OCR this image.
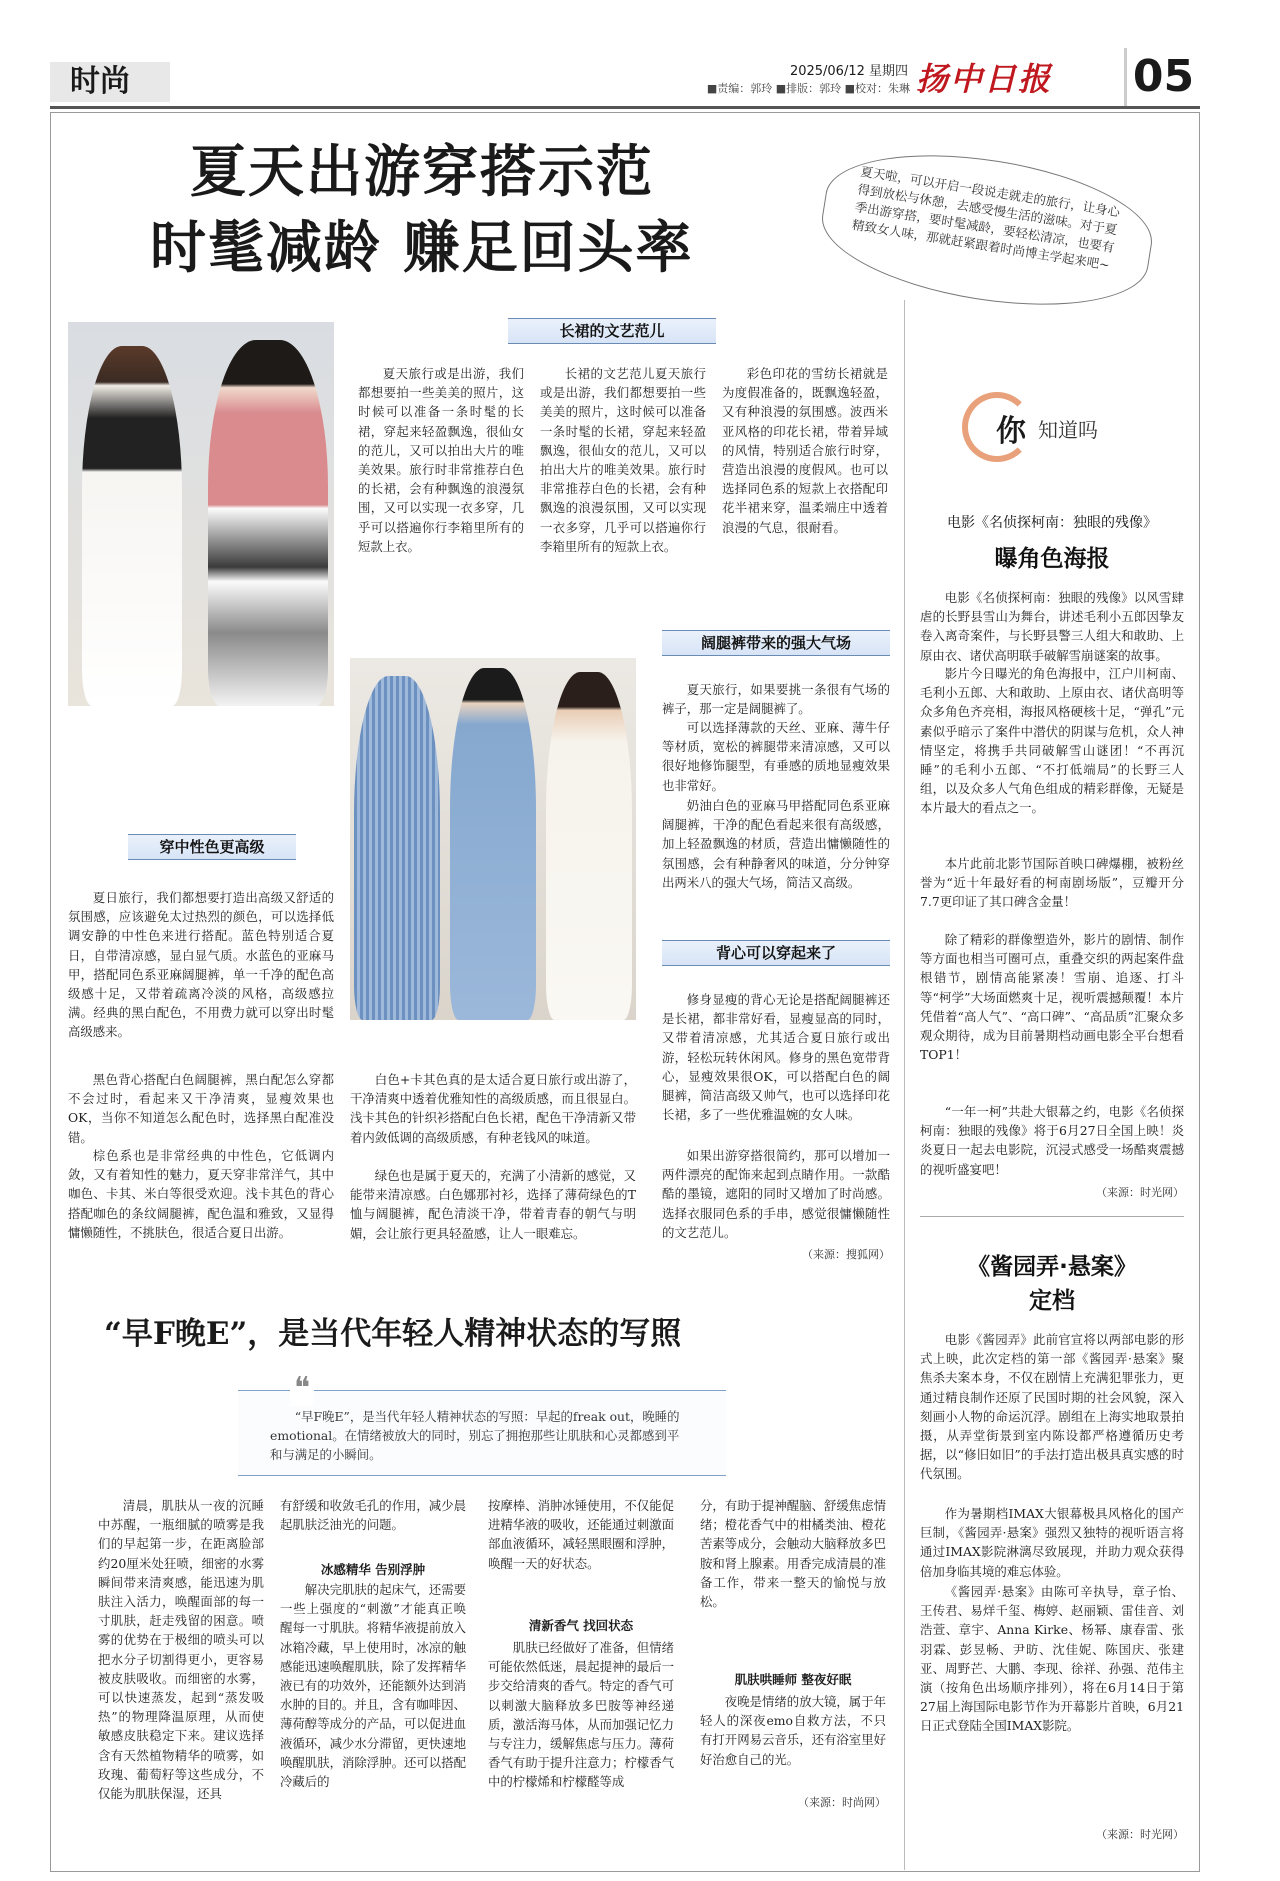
时尚	2025/06/12 星期四
■责编：郭玲 ■排版：郭玲 ■校对：朱琳 扬中日报	05
夏天出游穿搭示范
时髦减龄 赚足回头率
夏天啦，可以开启一段说走就走的旅行，让身心得到放松与休憩，去感受慢生活的滋味。对于夏季出游穿搭，要时髦减龄，要轻松清凉，也要有精致女人味，那就赶紧跟着时尚博主学起来吧~
长裙的文艺范儿
夏天旅行或是出游，我们都想要拍一些美美的照片，这时候可以准备一条时髦的长裙，穿起来轻盈飘逸，很仙女的范儿，又可以拍出大片的唯美效果。旅行时非常推荐白色的长裙，会有种飘逸的浪漫氛围，又可以实现一衣多穿，几乎可以搭遍你行李箱里所有的短款上衣。
长裙的文艺范儿夏天旅行或是出游，我们都想要拍一些美美的照片，这时候可以准备一条时髦的长裙，穿起来轻盈飘逸，很仙女的范儿，又可以拍出大片的唯美效果。旅行时非常推荐白色的长裙，会有种飘逸的浪漫氛围，又可以实现一衣多穿，几乎可以搭遍你行李箱里所有的短款上衣。
彩色印花的雪纺长裙就是为度假准备的，既飘逸轻盈，又有种浪漫的氛围感。波西米亚风格的印花长裙，带着异域的风情，特别适合旅行时穿，营造出浪漫的度假风。也可以选择同色系的短款上衣搭配印花半裙来穿，温柔端庄中透着浪漫的气息，很耐看。
穿中性色更高级
夏日旅行，我们都想要打造出高级又舒适的氛围感，应该避免太过热烈的颜色，可以选择低调安静的中性色来进行搭配。蓝色特别适合夏日，自带清凉感，显白显气质。水蓝色的亚麻马甲，搭配同色系亚麻阔腿裤，单一千净的配色高级感十足，又带着疏离冷淡的风格，高级感拉满。经典的黑白配色，不用费力就可以穿出时髦高级感来。
黑色背心搭配白色阔腿裤，黑白配怎么穿都不会过时，看起来又干净清爽，显瘦效果也OK，当你不知道怎么配色时，选择黑白配准没错。
棕色系也是非常经典的中性色，它低调内敛，又有着知性的魅力，夏天穿非常洋气，其中咖色、卡其、米白等很受欢迎。浅卡其色的背心搭配咖色的条纹阔腿裤，配色温和雅致，又显得慵懒随性，不挑肤色，很适合夏日出游。
白色+卡其色真的是太适合夏日旅行或出游了，干净清爽中透着优雅知性的高级质感，而且很显白。浅卡其色的针织衫搭配白色长裙，配色干净清新又带着内敛低调的高级质感，有种老钱风的味道。
绿色也是属于夏天的，充满了小清新的感觉，又能带来清凉感。白色娜那衬衫，选择了薄荷绿色的T恤与阔腿裤，配色清淡干净，带着青春的朝气与明媚，会让旅行更具轻盈感，让人一眼难忘。
阔腿裤带来的强大气场
夏天旅行，如果要挑一条很有气场的裤子，那一定是阔腿裤了。
可以选择薄款的天丝、亚麻、薄牛仔等材质，宽松的裤腿带来清凉感，又可以很好地修饰腿型，有垂感的质地显瘦效果也非常好。
奶油白色的亚麻马甲搭配同色系亚麻阔腿裤，干净的配色看起来很有高级感，加上轻盈飘逸的材质，营造出慵懒随性的氛围感，会有种静奢风的味道，分分钟穿出两米八的强大气场，简洁又高级。
背心可以穿起来了
修身显瘦的背心无论是搭配阔腿裤还是长裙，都非常好看，显瘦显高的同时，又带着清凉感，尤其适合夏日旅行或出游，轻松玩转休闲风。修身的黑色宽带背心，显瘦效果很OK，可以搭配白色的阔腿裤，简洁高级又帅气，也可以选择印花长裙，多了一些优雅温婉的女人味。
如果出游穿搭很简约，那可以增加一两件漂亮的配饰来起到点睛作用。一款酷酷的墨镜，遮阳的同时又增加了时尚感。选择衣服同色系的手串，感觉很慵懒随性的文艺范儿。
（来源：搜狐网）
你 知道吗
电影《名侦探柯南：独眼的残像》
曝角色海报
电影《名侦探柯南：独眼的残像》以风雪肆虐的长野县雪山为舞台，讲述毛利小五郎因挚友卷入离奇案件，与长野县警三人组大和敢助、上原由衣、诸伏高明联手破解雪崩谜案的故事。
影片今日曝光的角色海报中，江户川柯南、毛利小五郎、大和敢助、上原由衣、诸伏高明等众多角色齐亮相，海报风格硬核十足，“弹孔”元素似乎暗示了案件中潜伏的阴谋与危机，众人神情坚定，将携手共同破解雪山谜团！“不再沉睡”的毛利小五郎、“不打低端局”的长野三人组，以及众多人气角色组成的精彩群像，无疑是本片最大的看点之一。
本片此前北影节国际首映口碑爆棚，被粉丝誉为“近十年最好看的柯南剧场版”，豆瓣开分7.7更印证了其口碑含金量！
除了精彩的群像塑造外，影片的剧情、制作等方面也相当可圈可点，重叠交织的两起案件盘根错节，剧情高能紧凑！雪崩、追逐、打斗等“柯学”大场面燃爽十足，视听震撼颠覆！本片凭借着“高人气”、“高口碑”、“高品质”汇聚众多观众期待，成为目前暑期档动画电影全平台想看TOP1！
“一年一柯”共赴大银幕之约，电影《名侦探柯南：独眼的残像》将于6月27日全国上映！炎炎夏日一起去电影院，沉浸式感受一场酷爽震撼的视听盛宴吧！
（来源：时光网）
《酱园弄·悬案》
定档
电影《酱园弄》此前官宣将以两部电影的形式上映，此次定档的第一部《酱园弄·悬案》聚焦杀夫案本身，不仅在剧情上充满犯罪张力，更通过精良制作还原了民国时期的社会风貌，深入刻画小人物的命运沉浮。剧组在上海实地取景拍摄，从弄堂街景到室内陈设都严格遵循历史考据，以“修旧如旧”的手法打造出极具真实感的时代氛围。
作为暑期档IMAX大银幕极具风格化的国产巨制，《酱园弄·悬案》强烈又独特的视听语言将通过IMAX影院淋漓尽致展现，并助力观众获得倍加身临其境的难忘体验。
《酱园弄·悬案》由陈可辛执导，章子怡、王传君、易烊千玺、梅婷、赵丽颖、雷佳音、刘浩萱、章宇、Anna Kirke、杨幂、康春雷、张羽霖、彭昱畅、尹昉、沈佳妮、陈国庆、张建亚、周野芒、大鹏、李现、徐祥、孙强、范伟主演（按角色出场顺序排列），将在6月14日于第27届上海国际电影节作为开幕影片首映，6月21日正式登陆全国IMAX影院。
（来源：时光网）
“早F晚E”，是当代年轻人精神状态的写照
❝
“早F晚E”，是当代年轻人精神状态的写照：早起的freak out，晚睡的emotional。在情绪被放大的同时，别忘了拥抱那些让肌肤和心灵都感到平和与满足的小瞬间。
清晨，肌肤从一夜的沉睡中苏醒，一瓶细腻的喷雾是我们的早起第一步，在距离脸部约20厘米处狂喷，细密的水雾瞬间带来清爽感，能迅速为肌肤注入活力，唤醒面部的每一寸肌肤，赶走残留的困意。喷雾的优势在于极细的喷头可以把水分子切割得更小，更容易被皮肤吸收。而细密的水雾，可以快速蒸发，起到“蒸发吸热”的物理降温原理，从而使敏感皮肤稳定下来。建议选择含有天然植物精华的喷雾，如玫瑰、葡萄籽等这些成分，不仅能为肌肤保湿，还具
有舒缓和收敛毛孔的作用，减少晨起肌肤泛油光的问题。
冰感精华 告别浮肿
解决完肌肤的起床气，还需要一些上强度的“刺激”才能真正唤醒每一寸肌肤。将精华液提前放入冰箱冷藏，早上使用时，冰凉的触感能迅速唤醒肌肤，除了发挥精华液已有的功效外，还能额外达到消水肿的目的。并且，含有咖啡因、薄荷醇等成分的产品，可以促进血液循环，减少水分滞留，更快速地唤醒肌肤，消除浮肿。还可以搭配冷藏后的
按摩棒、消肿冰锤使用，不仅能促进精华液的吸收，还能通过刺激面部血液循环，减轻黑眼圈和浮肿，唤醒一天的好状态。
清新香气 找回状态
肌肤已经做好了准备，但情绪可能依然低迷，晨起提神的最后一步交给清爽的香气。特定的香气可以刺激大脑释放多巴胺等神经递质，激活海马体，从而加强记忆力与专注力，缓解焦虑与压力。薄荷香气有助于提升注意力；柠檬香气中的柠檬烯和柠檬醛等成
分，有助于提神醒脑、舒缓焦虑情绪；橙花香气中的柑橘类油、橙花苦素等成分，会触动大脑释放多巴胺和肾上腺素。用香完成清晨的准备工作，带来一整天的愉悦与放松。
肌肤哄睡师 整夜好眠
夜晚是情绪的放大镜，属于年轻人的深夜emo自救方法，不只有打开网易云音乐，还有浴室里好好治愈自己的光。
（来源：时尚网）
